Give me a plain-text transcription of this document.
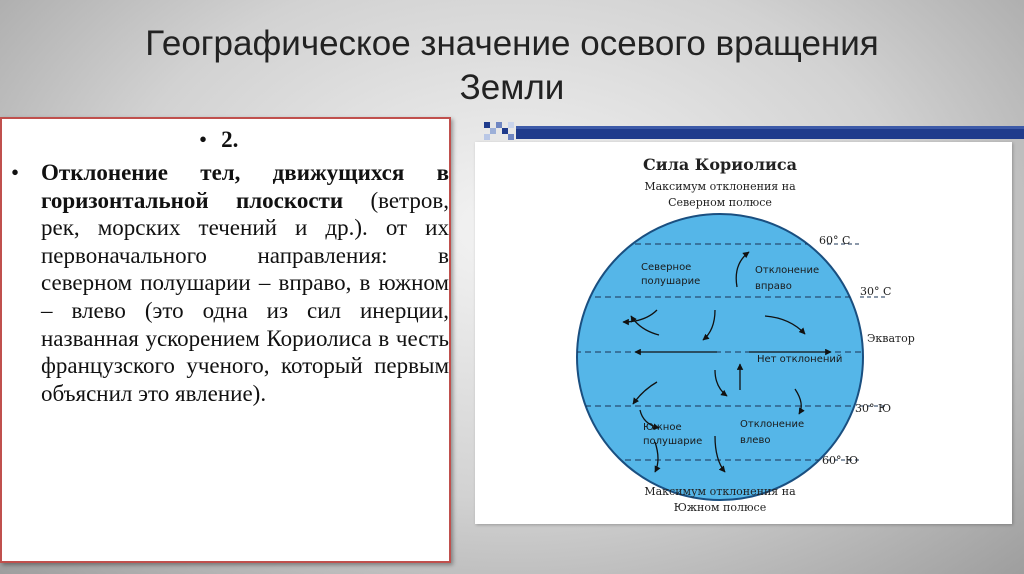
Географическое значение осевого вращения
Земли
• 2.
• Отклонение тел, движущихся в горизонтальной плоскости (ветров, рек, морских течений и др.). от их первоначального направления: в северном полушарии – вправо, в южном – влево (это одна из сил инерции, названная ускорением Кориолиса в честь французского ученого, который первым объяснил это явление).
Сила Кориолиса
Максимум отклонения на
Северном полюсе
60° С
30° С
Экватор
30° Ю
60° Ю
Северное
полушарие
Отклонение
вправо
Нет отклонений
Южное
полушарие
Отклонение
влево
Максимум отклонения на
Южном полюсе
